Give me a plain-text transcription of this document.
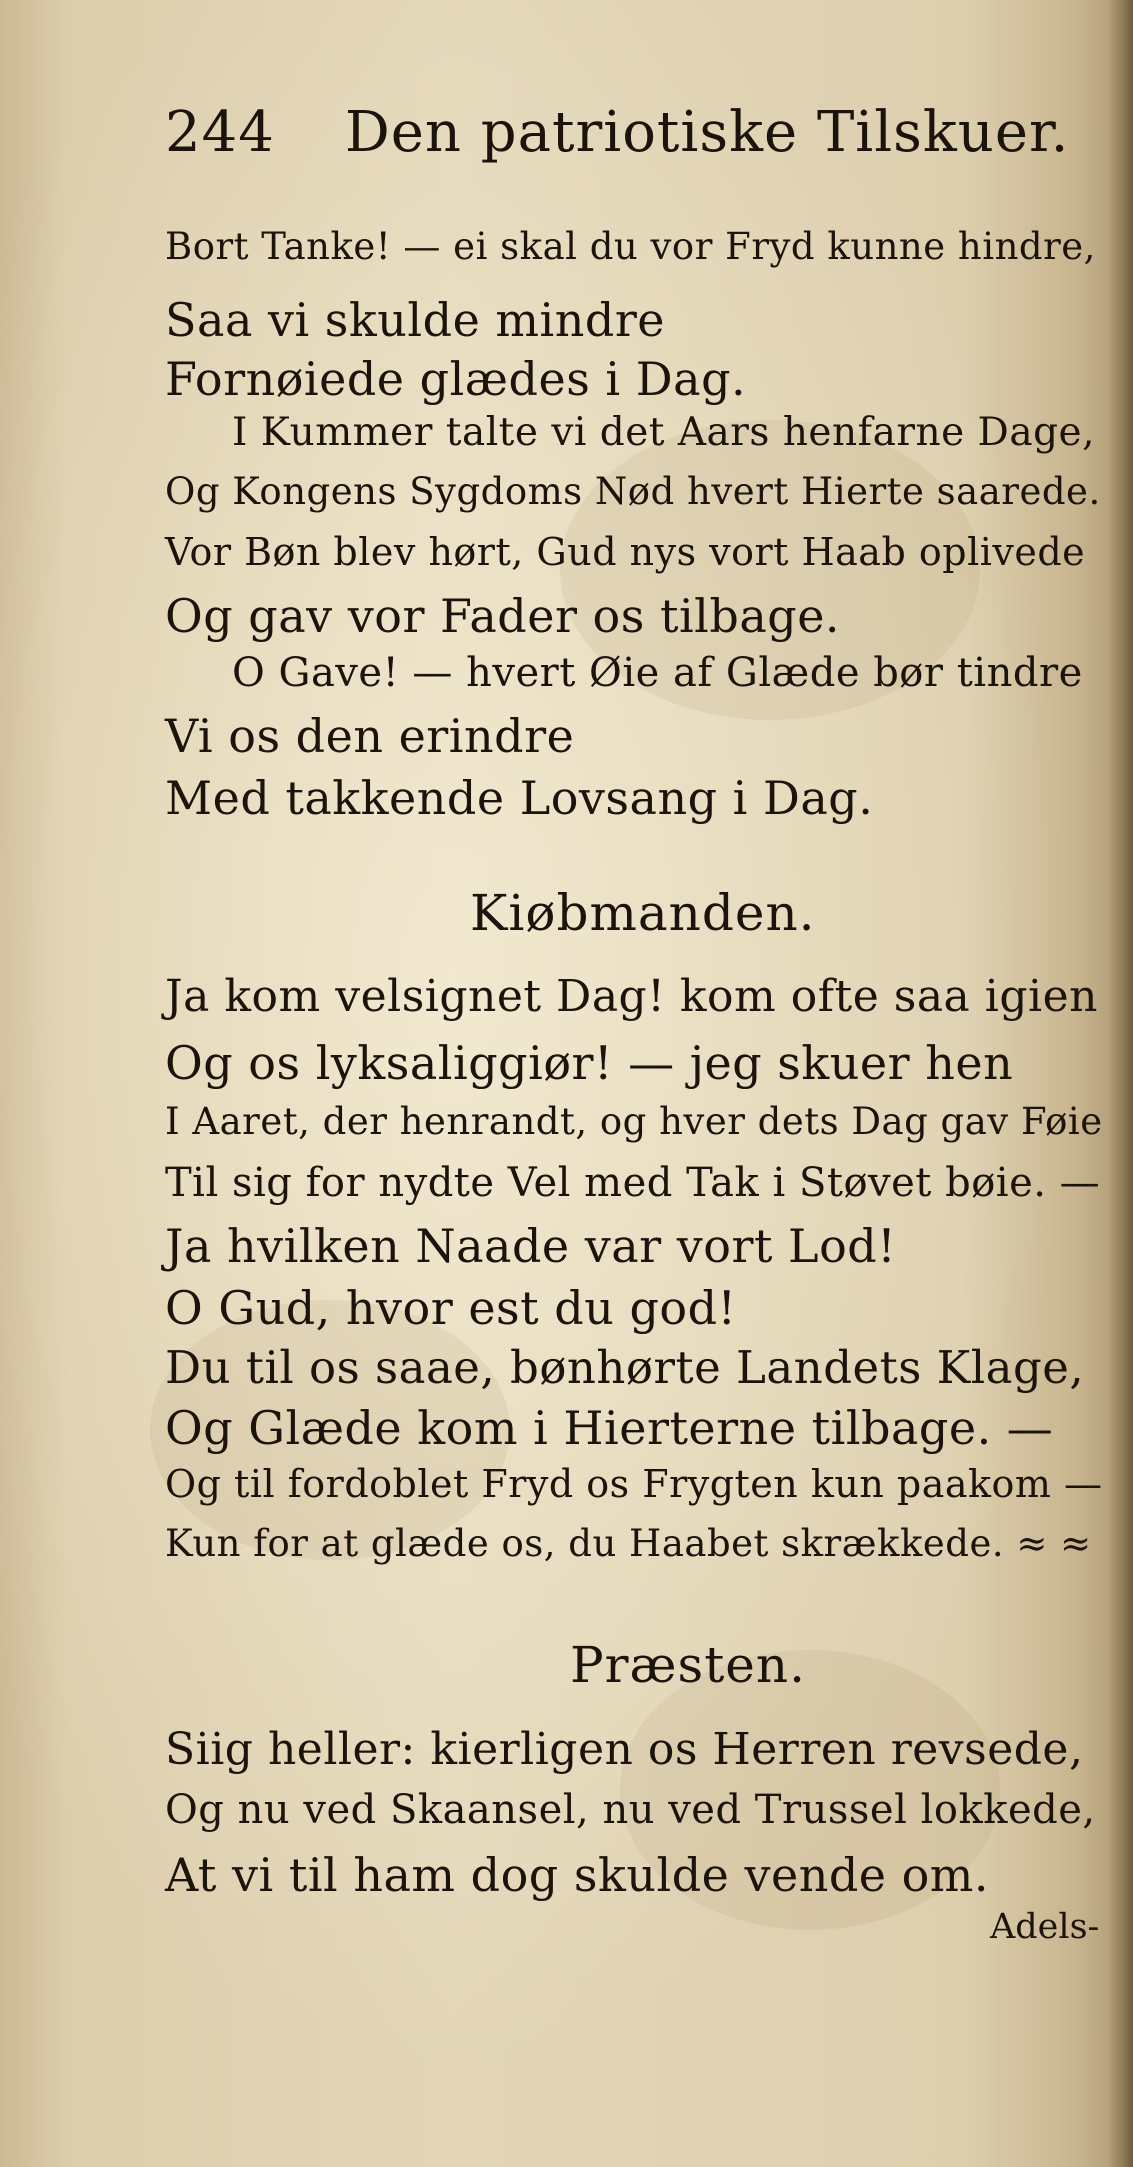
244 Den patriotiske Tilskuer.
Bort Tanke! — ei skal du vor Fryd kunne hindre,
Saa vi skulde mindre
Fornøiede glædes i Dag.
I Kummer talte vi det Aars henfarne Dage,
Og Kongens Sygdoms Nød hvert Hierte saarede.
Vor Bøn blev hørt, Gud nys vort Haab oplivede
Og gav vor Fader os tilbage.
O Gave! — hvert Øie af Glæde bør tindre
Vi os den erindre
Med takkende Lovsang i Dag.
Kiøbmanden.
Ja kom velsignet Dag! kom ofte saa igien
Og os lyksaliggiør! — jeg skuer hen
I Aaret, der henrandt, og hver dets Dag gav Føie
Til sig for nydte Vel med Tak i Støvet bøie. —
Ja hvilken Naade var vort Lod!
O Gud, hvor est du god!
Du til os saae, bønhørte Landets Klage,
Og Glæde kom i Hierterne tilbage. —
Og til fordoblet Fryd os Frygten kun paakom —
Kun for at glæde os, du Haabet skrækkede. ≈ ≈
Præsten.
Siig heller: kierligen os Herren revsede,
Og nu ved Skaansel, nu ved Trussel lokkede,
At vi til ham dog skulde vende om.
Adels-
